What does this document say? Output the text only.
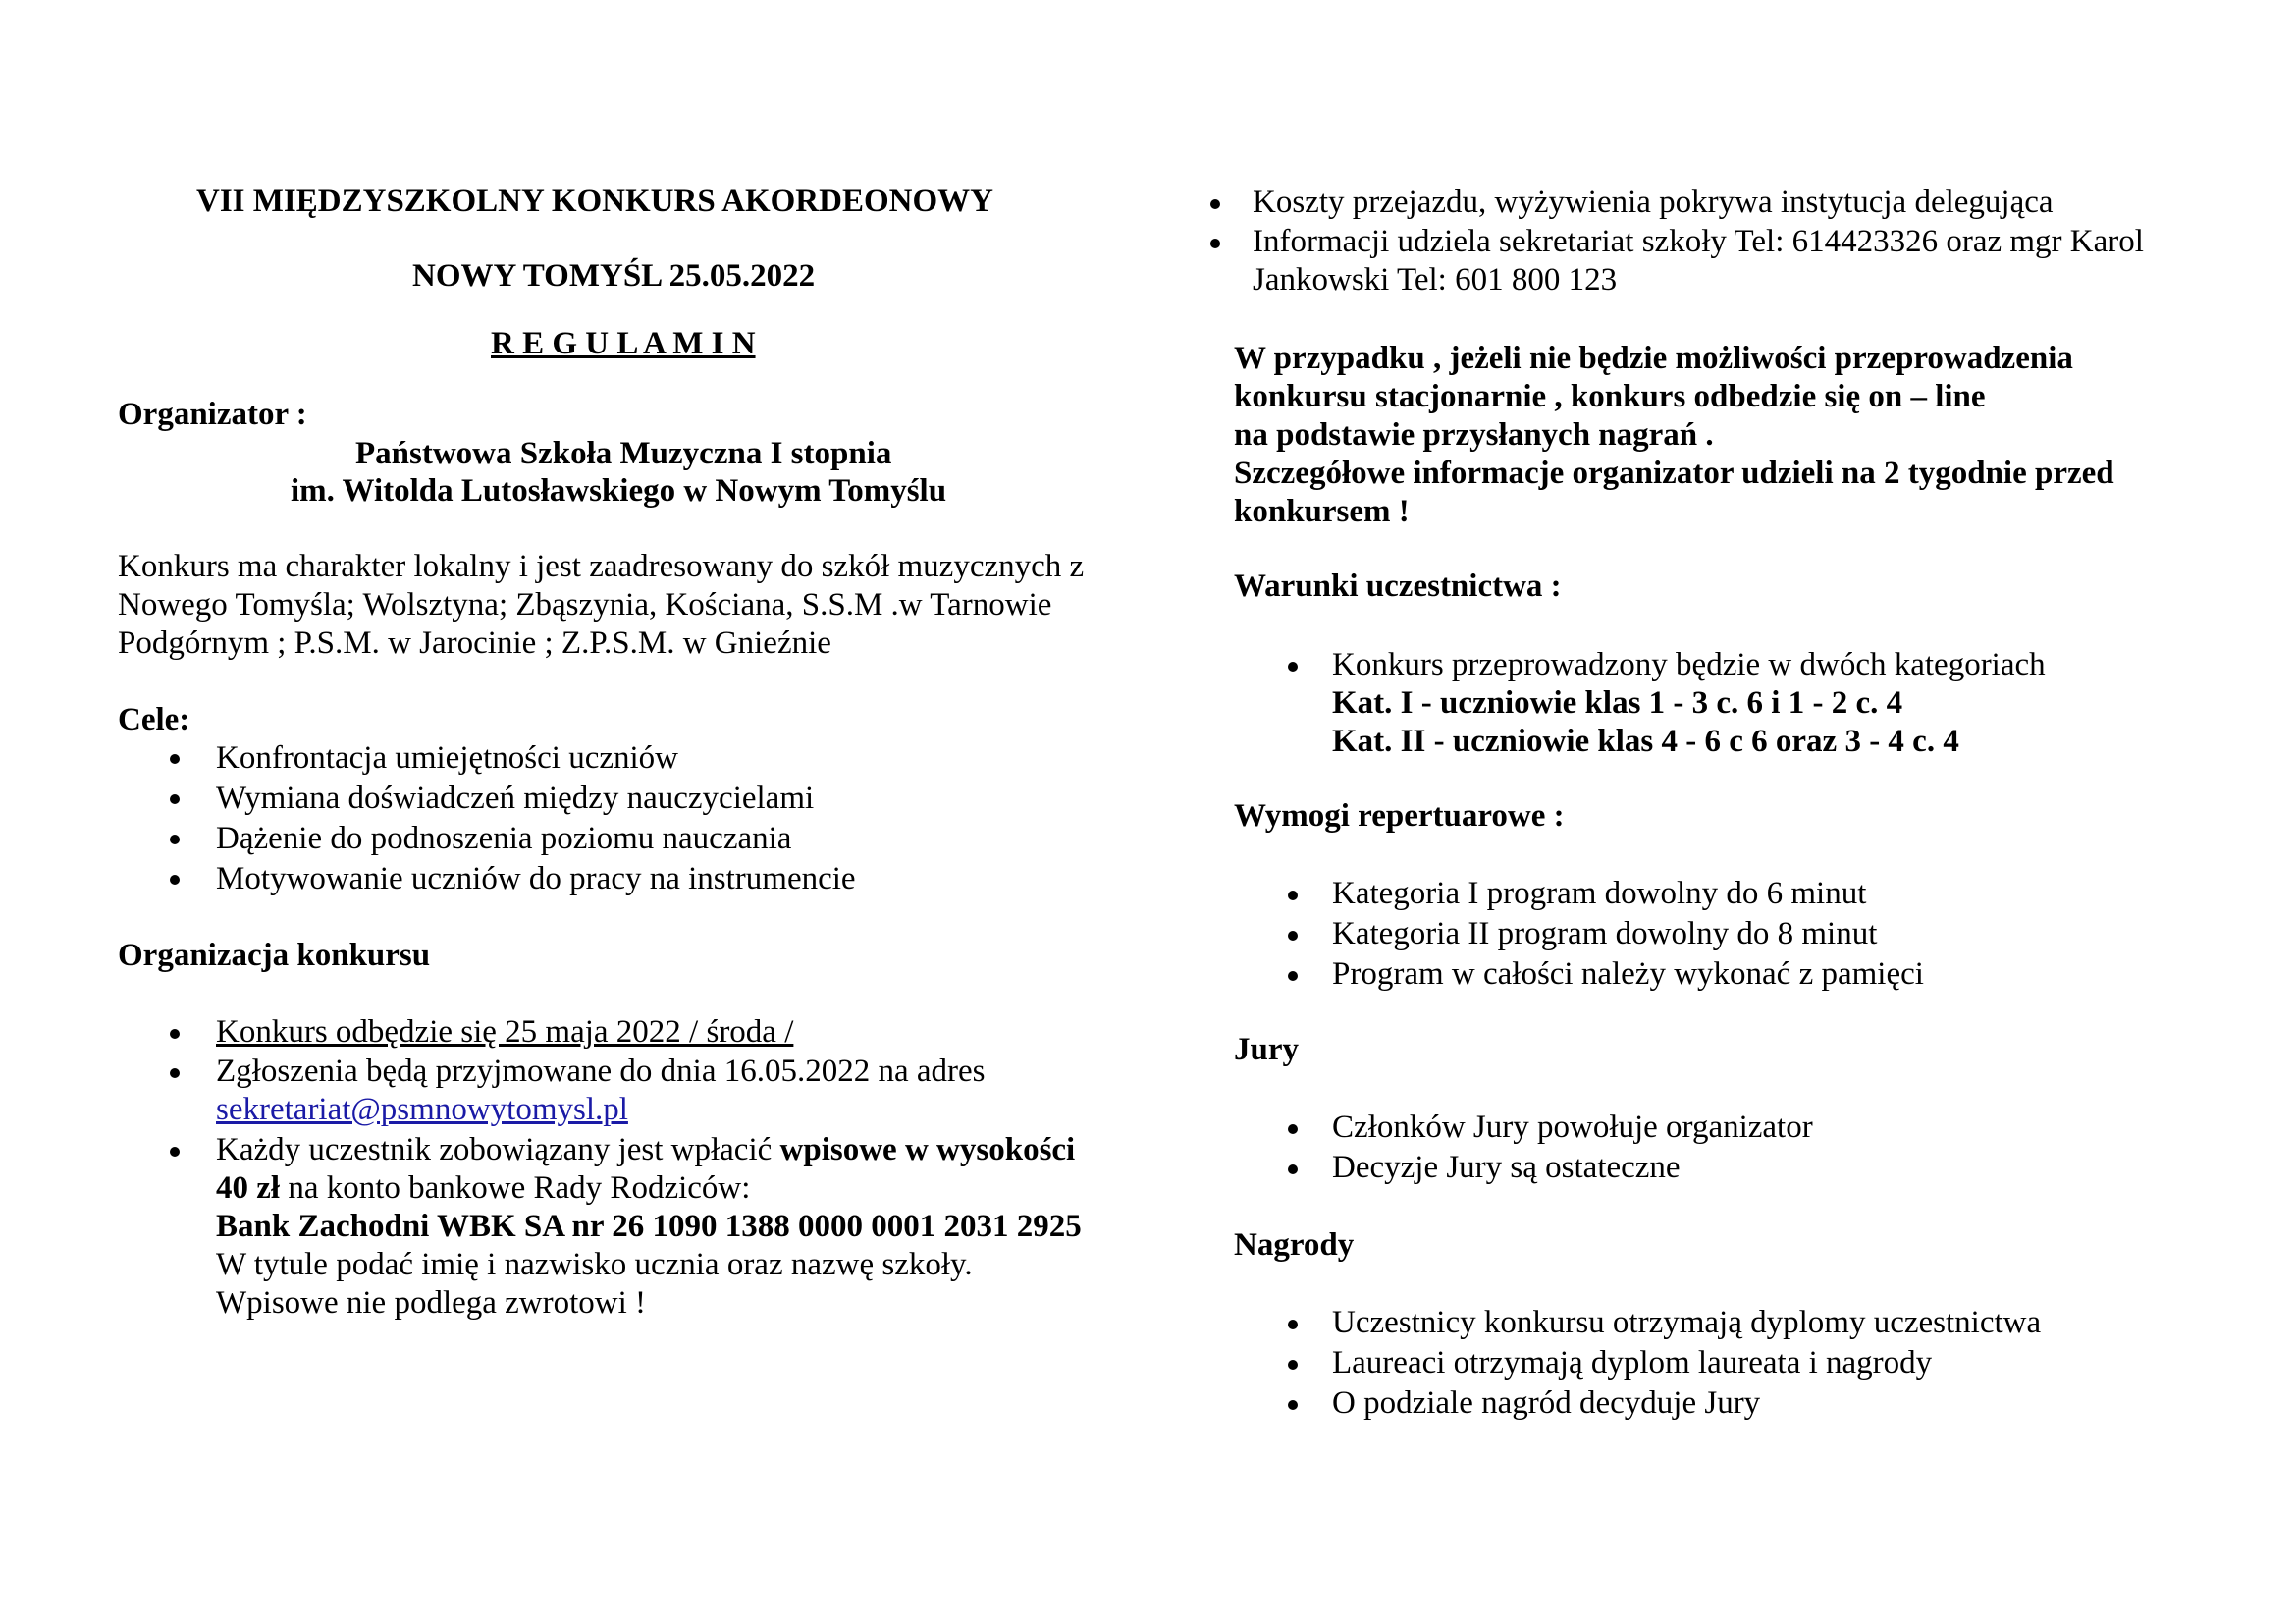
VII MIĘDZYSZKOLNY KONKURS AKORDEONOWY
NOWY TOMYŚL 25.05.2022
R E G U L A M I N
Organizator :
Państwowa Szkoła Muzyczna I stopnia
im. Witolda Lutosławskiego w Nowym Tomyślu
Konkurs ma charakter lokalny i jest zaadresowany do szkół muzycznych z
Nowego Tomyśla; Wolsztyna; Zbąszynia, Kościana, S.S.M .w Tarnowie
Podgórnym ; P.S.M. w Jarocinie ; Z.P.S.M. w Gnieźnie
Cele:
Konfrontacja umiejętności uczniów
Wymiana doświadczeń między nauczycielami
Dążenie do podnoszenia poziomu nauczania
Motywowanie uczniów do pracy na instrumencie
Organizacja konkursu
Konkurs odbędzie się 25 maja 2022 / środa /
Zgłoszenia będą przyjmowane do dnia 16.05.2022 na adres
sekretariat@psmnowytomysl.pl
Każdy uczestnik zobowiązany jest wpłacić wpisowe w wysokości
40 zł na konto bankowe Rady Rodziców:
Bank Zachodni WBK SA nr 26 1090 1388 0000 0001 2031 2925
W tytule podać imię i nazwisko ucznia oraz nazwę szkoły.
Wpisowe nie podlega zwrotowi !
Koszty przejazdu, wyżywienia pokrywa instytucja delegująca
Informacji udziela sekretariat szkoły Tel: 614423326 oraz mgr Karol
Jankowski Tel: 601 800 123
W przypadku , jeżeli nie będzie możliwości przeprowadzenia
konkursu stacjonarnie , konkurs odbedzie się on – line
na podstawie przysłanych nagrań .
Szczegółowe informacje organizator udzieli na 2 tygodnie przed
konkursem !
Warunki uczestnictwa :
Konkurs przeprowadzony będzie w dwóch kategoriach
Kat. I - uczniowie klas 1 - 3 c. 6 i 1 - 2 c. 4
Kat. II - uczniowie klas 4 - 6 c 6 oraz 3 - 4 c. 4
Wymogi repertuarowe :
Kategoria I program dowolny do 6 minut
Kategoria II program dowolny do 8 minut
Program w całości należy wykonać z pamięci
Jury
Członków Jury powołuje organizator
Decyzje Jury są ostateczne
Nagrody
Uczestnicy konkursu otrzymają dyplomy uczestnictwa
Laureaci otrzymają dyplom laureata i nagrody
O podziale nagród decyduje Jury
